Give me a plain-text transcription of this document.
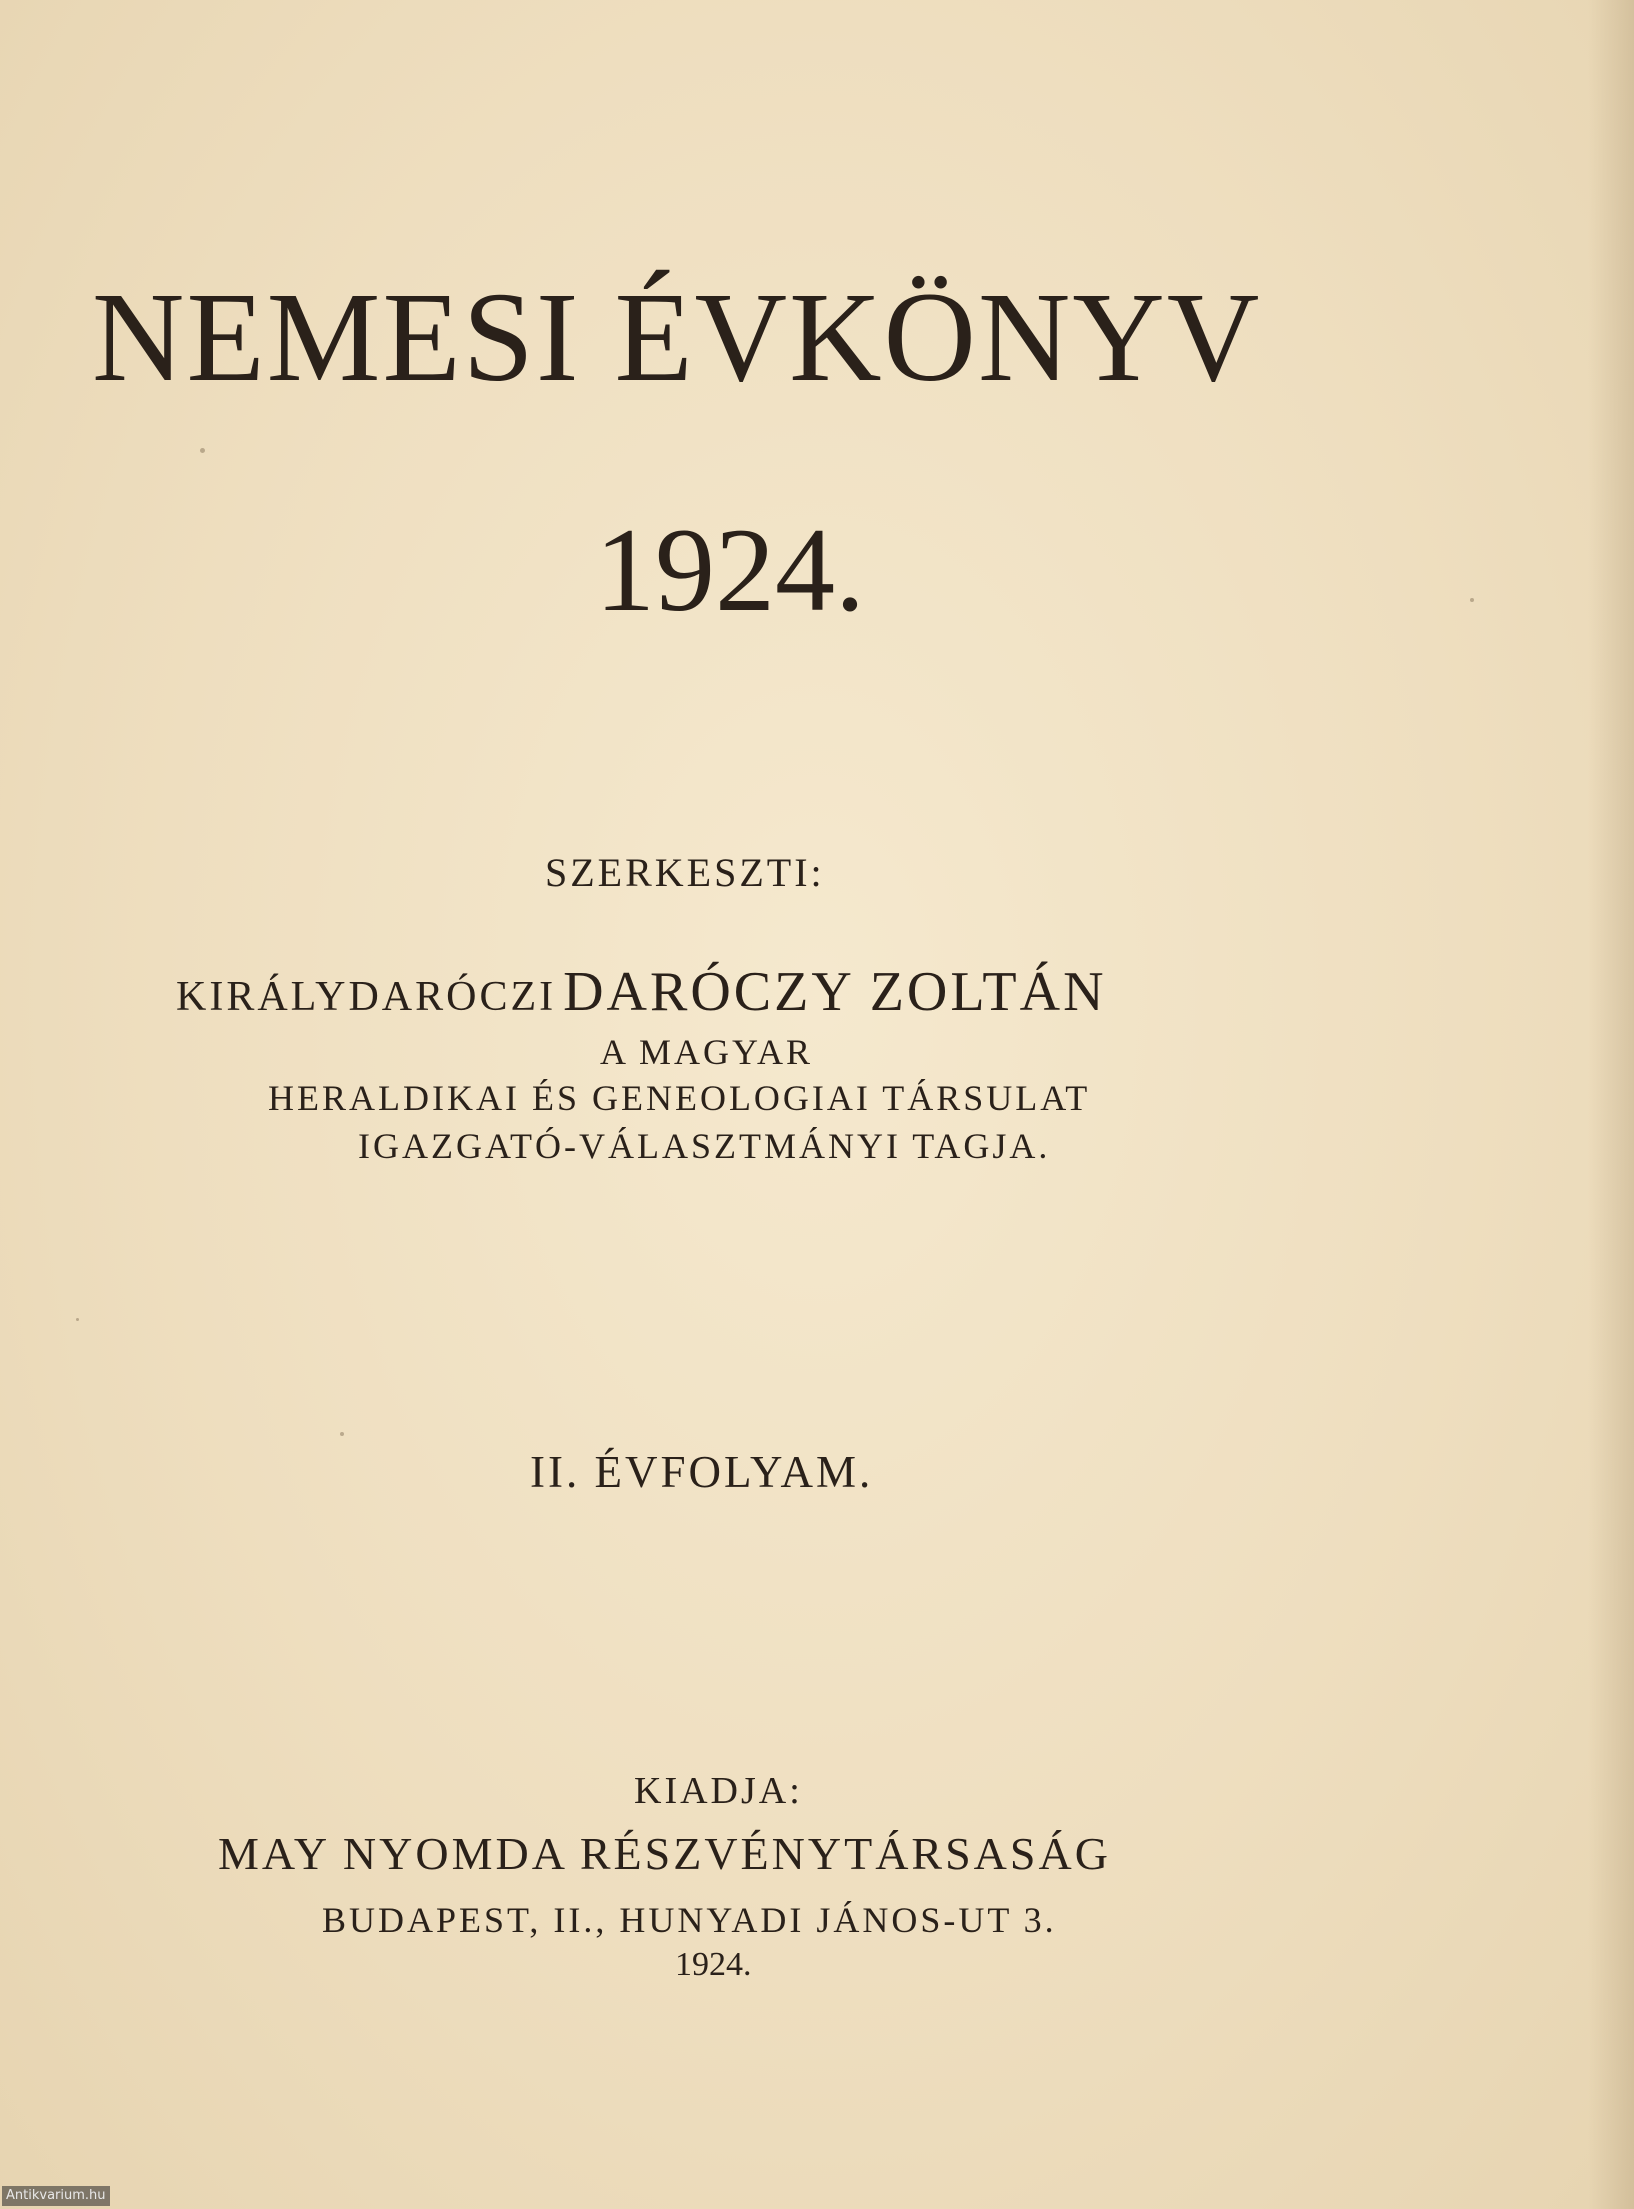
NEMESI ÉVKÖNYV
1924.
SZERKESZTI:
KIRÁLYDARÓCZI DARÓCZY ZOLTÁN
A MAGYAR
HERALDIKAI ÉS GENEOLOGIAI TÁRSULAT
IGAZGATÓ-VÁLASZTMÁNYI TAGJA.
II. ÉVFOLYAM.
KIADJA:
MAY NYOMDA RÉSZVÉNYTÁRSASÁG
BUDAPEST, II., HUNYADI JÁNOS-UT 3.
1924.
Antikvarium.hu
